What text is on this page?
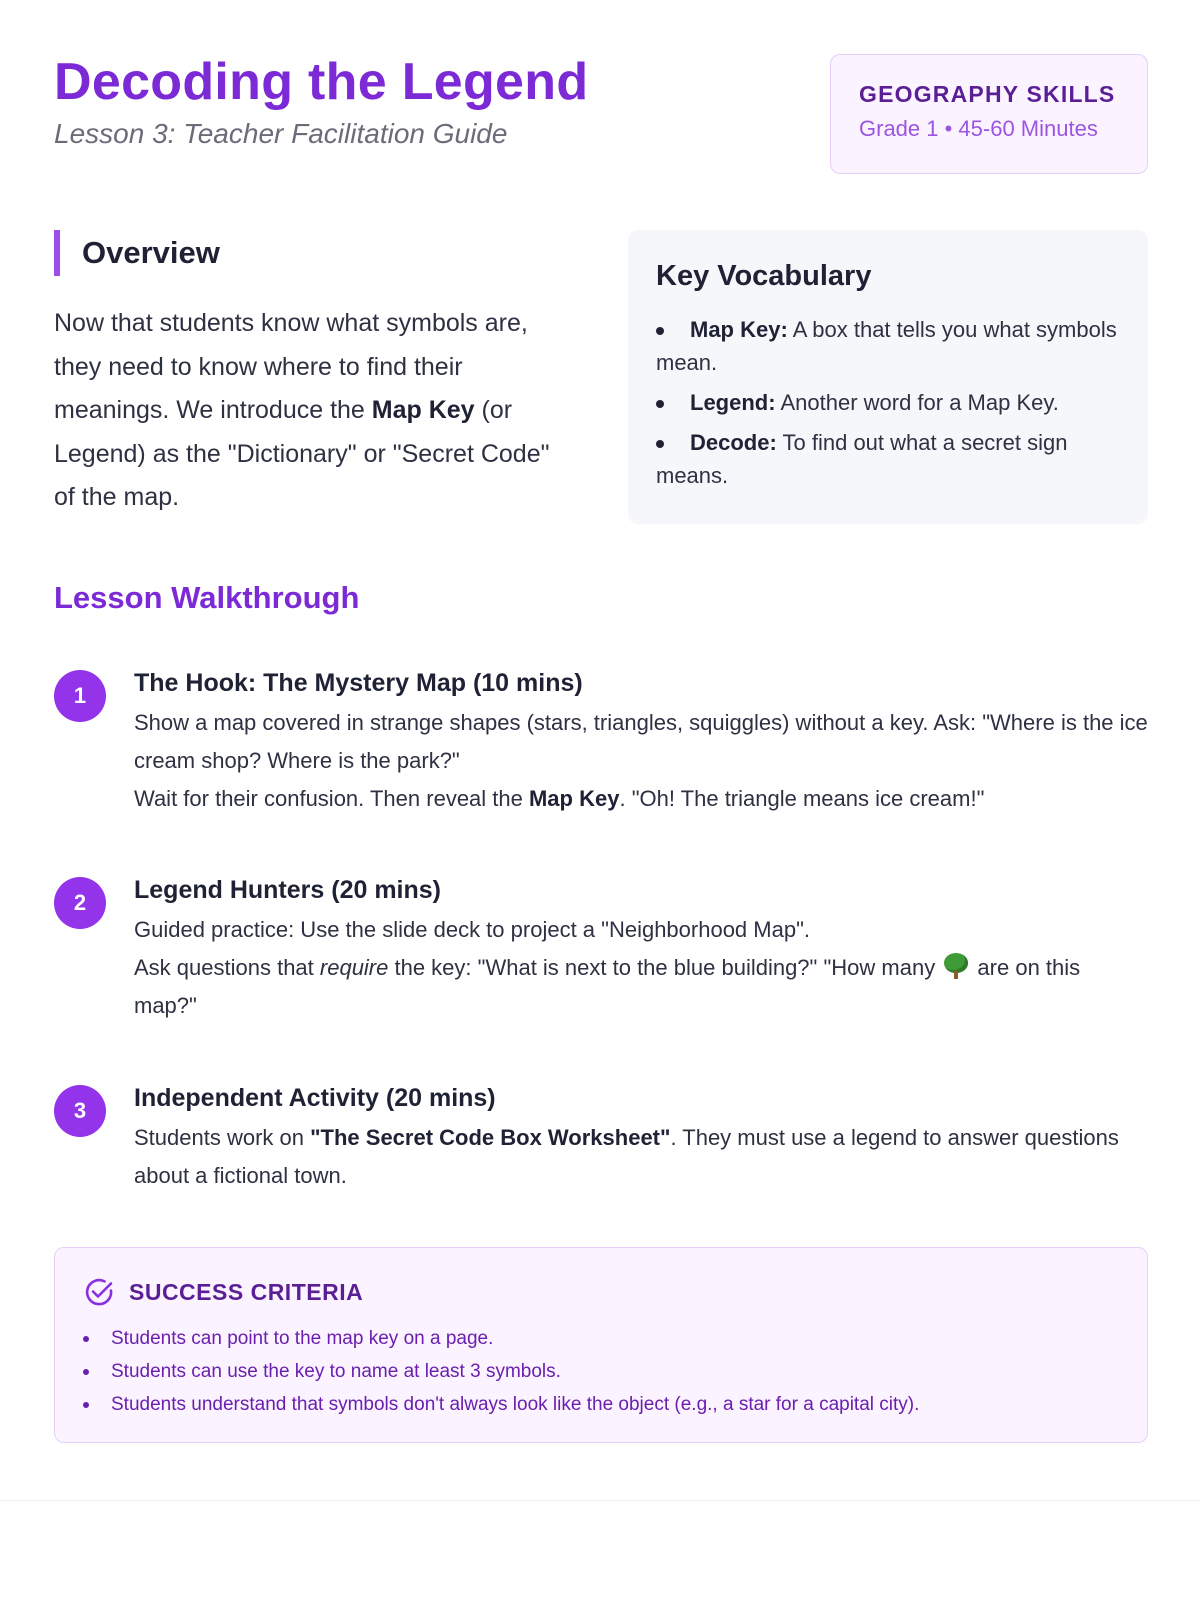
Decoding the Legend

Lesson 3: Teacher Facilitation Guide

GEOGRAPHY SKILLS
Grade 1 • 45-60 Minutes
Overview

Now that students know what symbols are, they need to know where to find their meanings. We introduce the Map Key (or Legend) as the "Dictionary" or "Secret Code" of the map.

Key Vocabulary
Map Key: A box that tells you what symbols mean.
Legend: Another word for a Map Key.
Decode: To find out what a secret sign means.
Lesson Walkthrough
1	The Hook: The Mystery Map (10 mins)

Show a map covered in strange shapes (stars, triangles, squiggles) without a key. Ask: "Where is the ice cream shop? Where is the park?"
Wait for their confusion. Then reveal the Map Key. "Oh! The triangle means ice cream!"

2	Legend Hunters (20 mins)

Guided practice: Use the slide deck to project a "Neighborhood Map".
Ask questions that require the key: "What is next to the blue building?" "How many
are on this map?"

3	Independent Activity (20 mins)

Students work on "The Secret Code Box Worksheet". They must use a legend to answer questions about a fictional town.

SUCCESS CRITERIA
Students can point to the map key on a page.
Students can use the key to name at least 3 symbols.
Students understand that symbols don't always look like the object (e.g., a star for a capital city).
